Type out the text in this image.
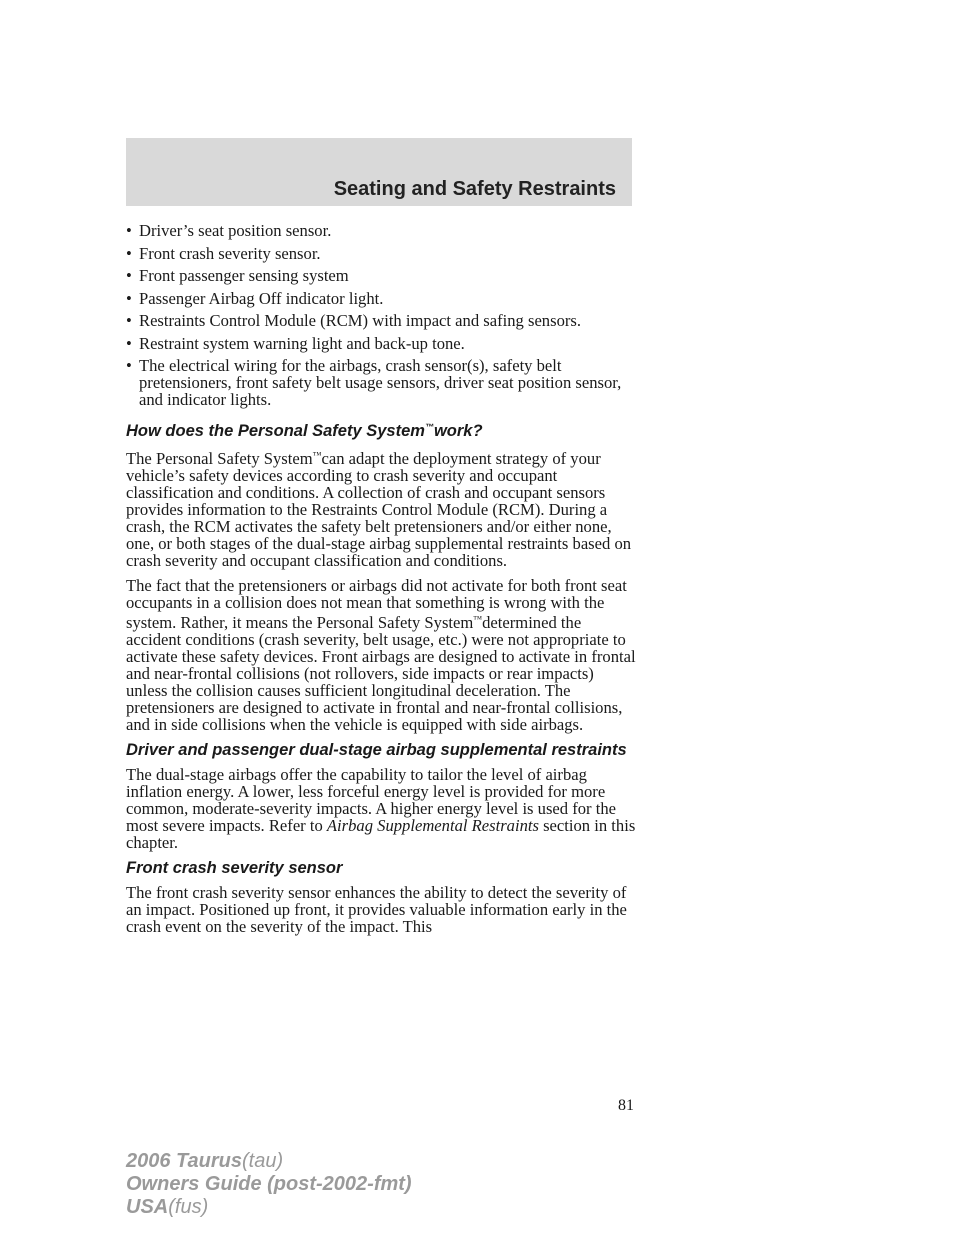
Seating and Safety Restraints
• Driver’s seat position sensor.
• Front crash severity sensor.
• Front passenger sensing system
• Passenger Airbag Off indicator light.
• Restraints Control Module (RCM) with impact and safing sensors.
• Restraint system warning light and back-up tone.
• The electrical wiring for the airbags, crash sensor(s), safety belt pretensioners, front safety belt usage sensors, driver seat position sensor, and indicator lights.
How does the Personal Safety System™work?

The Personal Safety System™can adapt the deployment strategy of your vehicle’s safety devices according to crash severity and occupant classification and conditions. A collection of crash and occupant sensors provides information to the Restraints Control Module (RCM). During a crash, the RCM activates the safety belt pretensioners and/or either none, one, or both stages of the dual-stage airbag supplemental restraints based on crash severity and occupant classification and conditions.

The fact that the pretensioners or airbags did not activate for both front seat occupants in a collision does not mean that something is wrong with the system. Rather, it means the Personal Safety System™determined the accident conditions (crash severity, belt usage, etc.) were not appropriate to activate these safety devices. Front airbags are designed to activate in frontal and near-frontal collisions (not rollovers, side impacts or rear impacts) unless the collision causes sufficient longitudinal deceleration. The pretensioners are designed to activate in frontal and near-frontal collisions, and in side collisions when the vehicle is equipped with side airbags.

Driver and passenger dual-stage airbag supplemental restraints

The dual-stage airbags offer the capability to tailor the level of airbag inflation energy. A lower, less forceful energy level is provided for more common, moderate-severity impacts. A higher energy level is used for the most severe impacts. Refer to Airbag Supplemental Restraints section in this chapter.

Front crash severity sensor

The front crash severity sensor enhances the ability to detect the severity of an impact. Positioned up front, it provides valuable information early in the crash event on the severity of the impact. This

81
2006 Taurus(tau)
Owners Guide (post-2002-fmt)
USA(fus)
